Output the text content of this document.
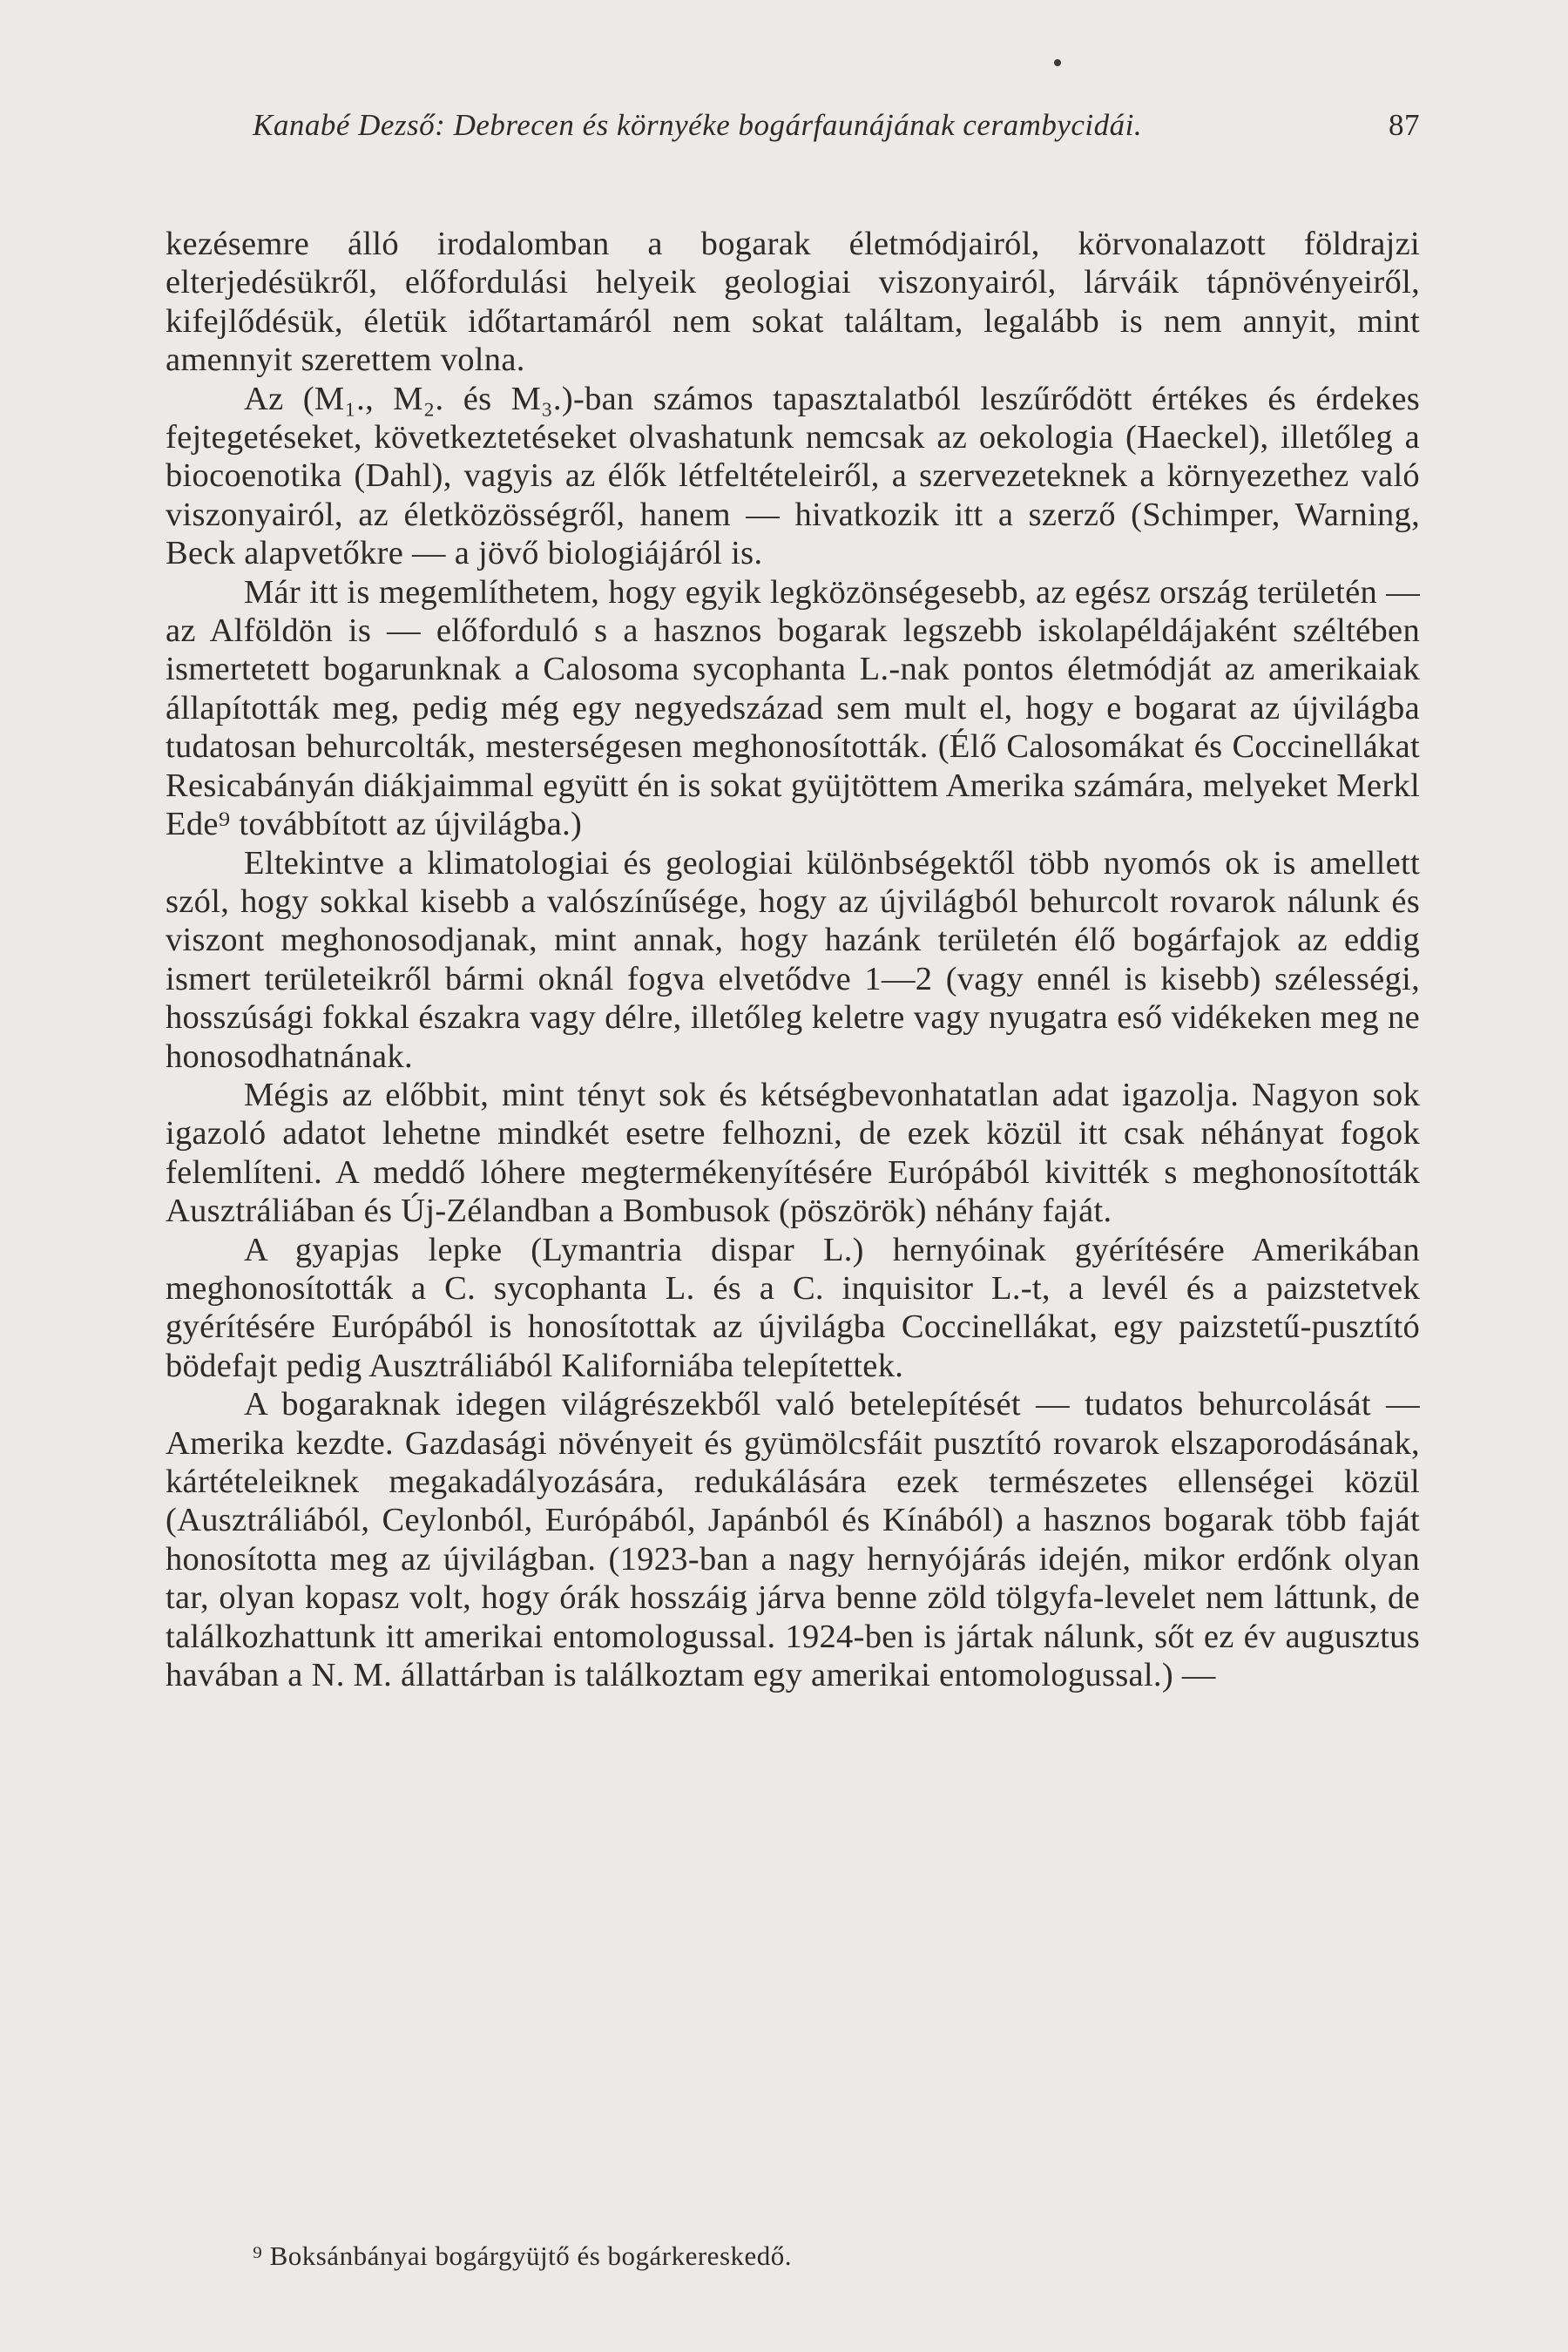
Kanabé Dezső: Debrecen és környéke bogárfaunájának cerambycidái.	87

kezésemre álló irodalomban a bogarak életmódjairól, körvonalazott földrajzi elterjedésükről, előfordulási helyeik geologiai viszonyairól, lárváik tápnövényeiről, kifejlődésük, életük időtartamáról nem sokat találtam, legalább is nem annyit, mint amennyit szerettem volna.

Az (M₁., M₂. és M₃.)-ban számos tapasztalatból leszűrődött értékes és érdekes fejtegetéseket, következtetéseket olvashatunk nemcsak az oekologia (Haeckel), illetőleg a biocoenotika (Dahl), vagyis az élők létfeltételeiről, a szervezeteknek a környezethez való viszonyairól, az életközösségről, hanem — hivatkozik itt a szerző (Schimper, Warning, Beck alapvetőkre — a jövő biologiájáról is.

Már itt is megemlíthetem, hogy egyik legközönségesebb, az egész ország területén — az Alföldön is — előforduló s a hasznos bogarak legszebb iskolapéldájaként széltében ismertetett bogarunknak a Calosoma sycophanta L.-nak pontos életmódját az amerikaiak állapították meg, pedig még egy negyedszázad sem mult el, hogy e bogarat az újvilágba tudatosan behurcolták, mesterségesen meghonosították. (Élő Calosomákat és Coccinellákat Resicabányán diákjaimmal együtt én is sokat gyüjtöttem Amerika számára, melyeket Merkl Ede⁹ továbbított az újvilágba.)

Eltekintve a klimatologiai és geologiai különbségektől több nyomós ok is amellett szól, hogy sokkal kisebb a valószínűsége, hogy az újvilágból behurcolt rovarok nálunk és viszont meghonosodjanak, mint annak, hogy hazánk területén élő bogárfajok az eddig ismert területeikről bármi oknál fogva elvetődve 1—2 (vagy ennél is kisebb) szélességi, hosszúsági fokkal északra vagy délre, illetőleg keletre vagy nyugatra eső vidékeken meg ne honosodhatnának.

Mégis az előbbit, mint tényt sok és kétségbevonhatatlan adat igazolja. Nagyon sok igazoló adatot lehetne mindkét esetre felhozni, de ezek közül itt csak néhányat fogok felemlíteni. A meddő lóhere megtermékenyítésére Európából kivitték s meghonosították Ausztráliában és Új-Zélandban a Bombusok (pöszörök) néhány faját.

A gyapjas lepke (Lymantria dispar L.) hernyóinak gyérítésére Amerikában meghonosították a C. sycophanta L. és a C. inquisitor L.-t, a levél és a paizstetvek gyérítésére Európából is honosítottak az újvilágba Coccinellákat, egy paizstetű-pusztító bödefajt pedig Ausztráliából Kaliforniába telepítettek.

A bogaraknak idegen világrészekből való betelepítését — tudatos behurcolását — Amerika kezdte. Gazdasági növényeit és gyümölcsfáit pusztító rovarok elszaporodásának, kártételeiknek megakadályozására, redukálására ezek természetes ellenségei közül (Ausztráliából, Ceylonból, Európából, Japánból és Kínából) a hasznos bogarak több faját honosította meg az újvilágban. (1923-ban a nagy hernyójárás idején, mikor erdőnk olyan tar, olyan kopasz volt, hogy órák hosszáig járva benne zöld tölgyfa-levelet nem láttunk, de találkozhattunk itt amerikai entomologussal. 1924-ben is jártak nálunk, sőt ez év augusztus havában a N. M. állattárban is találkoztam egy amerikai entomologussal.) —

⁹ Boksánbányai bogárgyüjtő és bogárkereskedő.
